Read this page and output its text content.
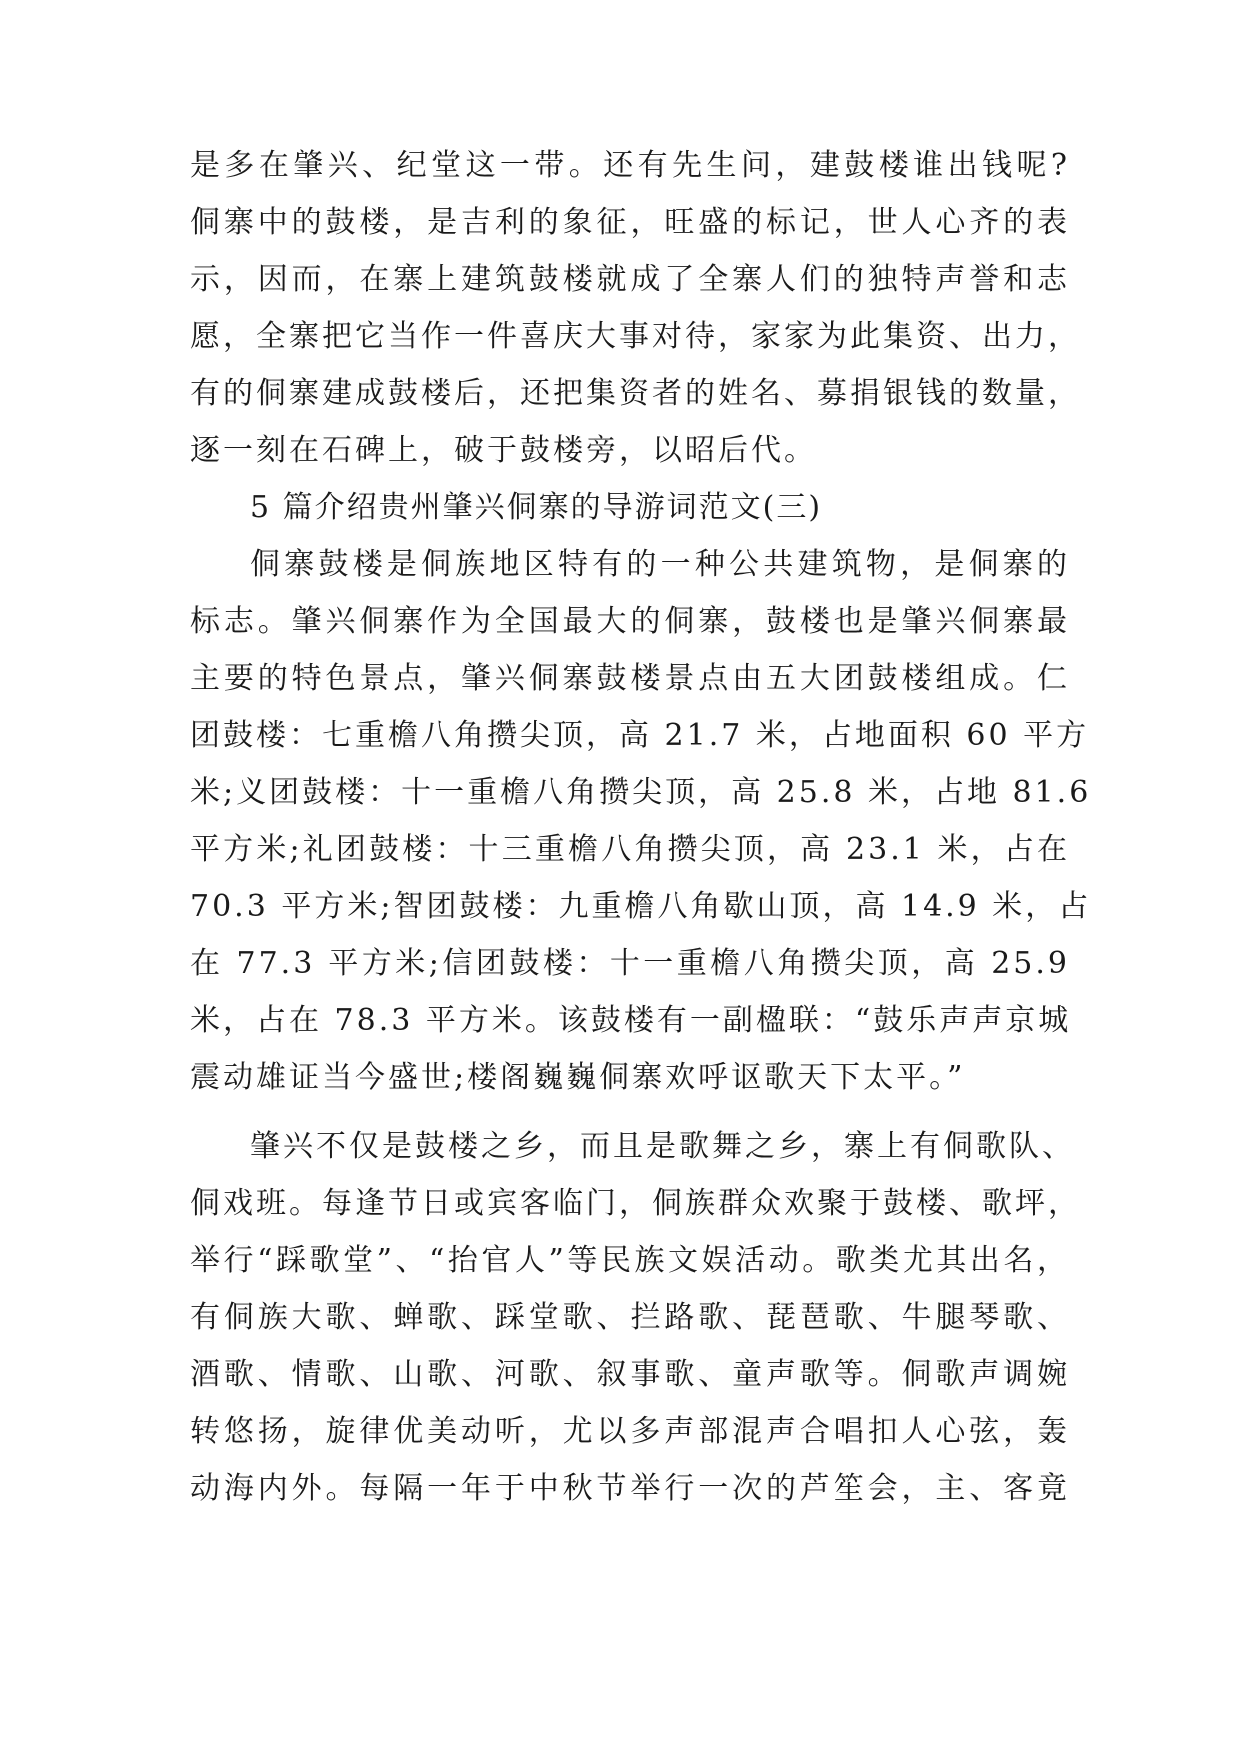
是多在肇兴、纪堂这一带。还有先生问，建鼓楼谁出钱呢?
侗寨中的鼓楼，是吉利的象征，旺盛的标记，世人心齐的表
示，因而，在寨上建筑鼓楼就成了全寨人们的独特声誉和志
愿，全寨把它当作一件喜庆大事对待，家家为此集资、出力，
有的侗寨建成鼓楼后，还把集资者的姓名、募捐银钱的数量，
逐一刻在石碑上，破于鼓楼旁，以昭后代。
5 篇介绍贵州肇兴侗寨的导游词范文(三)
侗寨鼓楼是侗族地区特有的一种公共建筑物，是侗寨的
标志。肇兴侗寨作为全国最大的侗寨，鼓楼也是肇兴侗寨最
主要的特色景点，肇兴侗寨鼓楼景点由五大团鼓楼组成。仁
团鼓楼：七重檐八角攒尖顶，高 21.7 米，占地面积 60 平方
米;义团鼓楼：十一重檐八角攒尖顶，高 25.8 米，占地 81.6
平方米;礼团鼓楼：十三重檐八角攒尖顶，高 23.1 米，占在
70.3 平方米;智团鼓楼：九重檐八角歇山顶，高 14.9 米，占
在 77.3 平方米;信团鼓楼：十一重檐八角攒尖顶，高 25.9
米，占在 78.3 平方米。该鼓楼有一副楹联：“鼓乐声声京城
震动雄证当今盛世;楼阁巍巍侗寨欢呼讴歌天下太平。”
肇兴不仅是鼓楼之乡，而且是歌舞之乡，寨上有侗歌队、
侗戏班。每逢节日或宾客临门，侗族群众欢聚于鼓楼、歌坪，
举行“踩歌堂”、“抬官人”等民族文娱活动。歌类尤其出名，
有侗族大歌、蝉歌、踩堂歌、拦路歌、琵琶歌、牛腿琴歌、
酒歌、情歌、山歌、河歌、叙事歌、童声歌等。侗歌声调婉
转悠扬，旋律优美动听，尤以多声部混声合唱扣人心弦，轰
动海内外。每隔一年于中秋节举行一次的芦笙会，主、客竟
